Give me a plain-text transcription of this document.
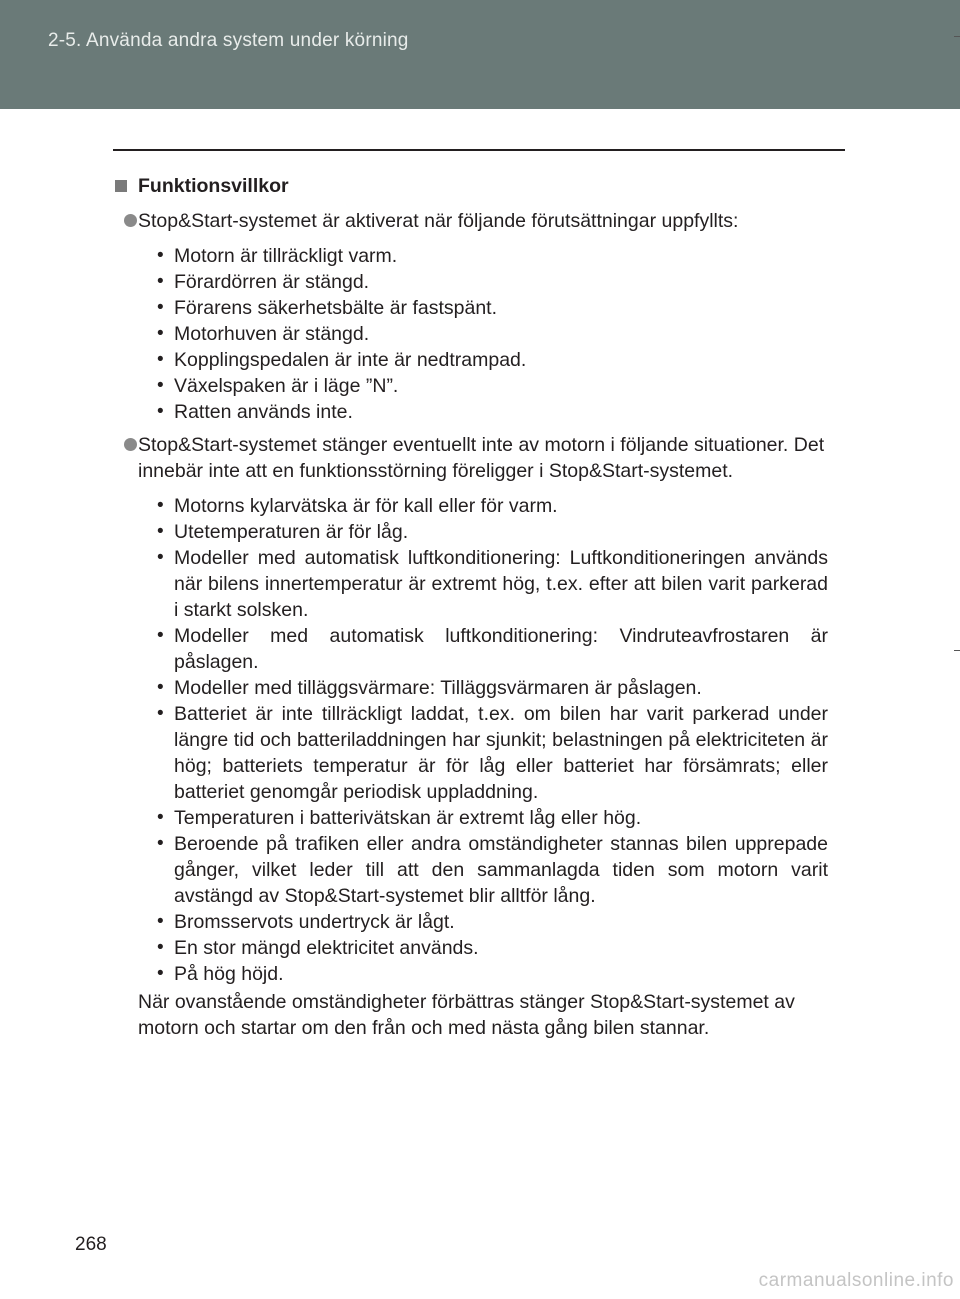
2-5. Använda andra system under körning
Funktionsvillkor
Stop&Start-systemet är aktiverat när följande förutsättningar uppfyllts:
• Motorn är tillräckligt varm.
• Förardörren är stängd.
• Förarens säkerhetsbälte är fastspänt.
• Motorhuven är stängd.
• Kopplingspedalen är inte är nedtrampad.
• Växelspaken är i läge ”N”.
• Ratten används inte.
Stop&Start-systemet stänger eventuellt inte av motorn i följande situationer. Det innebär inte att en funktionsstörning föreligger i Stop&Start-systemet.
• Motorns kylarvätska är för kall eller för varm.
• Utetemperaturen är för låg.
• Modeller med automatisk luftkonditionering: Luftkonditioneringen används när bilens innertemperatur är extremt hög, t.ex. efter att bilen varit parkerad i starkt solsken.
• Modeller med automatisk luftkonditionering: Vindruteavfrostaren är påslagen.
• Modeller med tilläggsvärmare: Tilläggsvärmaren är påslagen.
• Batteriet är inte tillräckligt laddat, t.ex. om bilen har varit parkerad under längre tid och batteriladdningen har sjunkit; belastningen på elektriciteten är hög; batteriets temperatur är för låg eller batteriet har försämrats; eller batteriet genomgår periodisk uppladdning.
• Temperaturen i batterivätskan är extremt låg eller hög.
• Beroende på trafiken eller andra omständigheter stannas bilen upprepade gånger, vilket leder till att den sammanlagda tiden som motorn varit avstängd av Stop&Start-systemet blir alltför lång.
• Bromsservots undertryck är lågt.
• En stor mängd elektricitet används.
• På hög höjd.
När ovanstående omständigheter förbättras stänger Stop&Start-systemet av motorn och startar om den från och med nästa gång bilen stannar.
268
carmanualsonline.info
